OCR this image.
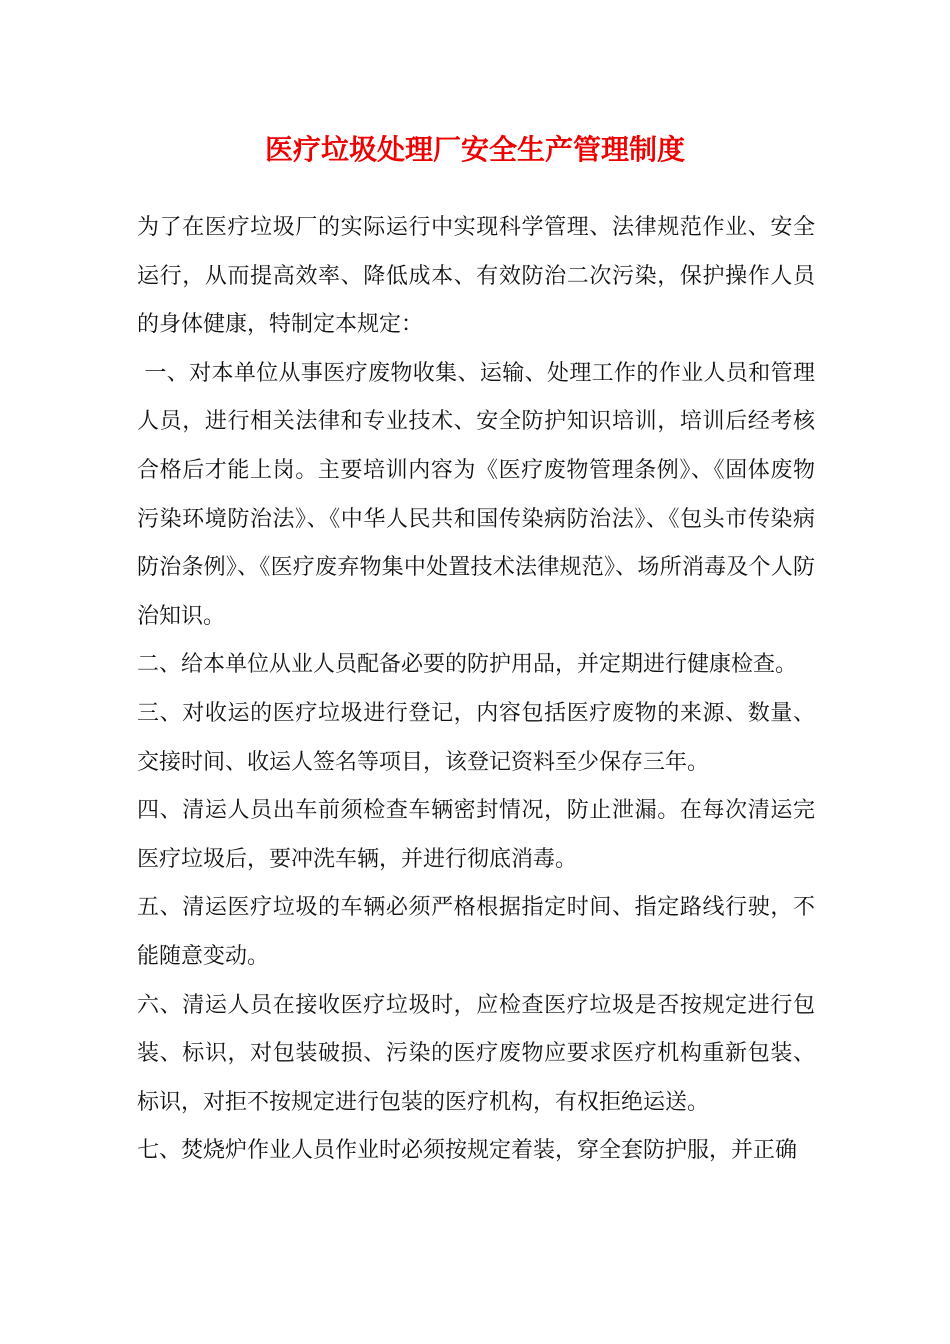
医疗垃圾处理厂安全生产管理制度

为了在医疗垃圾厂的实际运行中实现科学管理、法律规范作业、安全运行，从而提高效率、降低成本、有效防治二次污染，保护操作人员的身体健康，特制定本规定：

一、对本单位从事医疗废物收集、运输、处理工作的作业人员和管理人员，进行相关法律和专业技术、安全防护知识培训，培训后经考核合格后才能上岗。主要培训内容为《医疗废物管理条例》、《固体废物污染环境防治法》、《中华人民共和国传染病防治法》、《包头市传染病防治条例》、《医疗废弃物集中处置技术法律规范》、场所消毒及个人防治知识。

二、给本单位从业人员配备必要的防护用品，并定期进行健康检查。

三、对收运的医疗垃圾进行登记，内容包括医疗废物的来源、数量、交接时间、收运人签名等项目，该登记资料至少保存三年。

四、清运人员出车前须检查车辆密封情况，防止泄漏。在每次清运完医疗垃圾后，要冲洗车辆，并进行彻底消毒。

五、清运医疗垃圾的车辆必须严格根据指定时间、指定路线行驶，不能随意变动。

六、清运人员在接收医疗垃圾时，应检查医疗垃圾是否按规定进行包装、标识，对包装破损、污染的医疗废物应要求医疗机构重新包装、标识，对拒不按规定进行包装的医疗机构，有权拒绝运送。

七、焚烧炉作业人员作业时必须按规定着装，穿全套防护服，并正确
